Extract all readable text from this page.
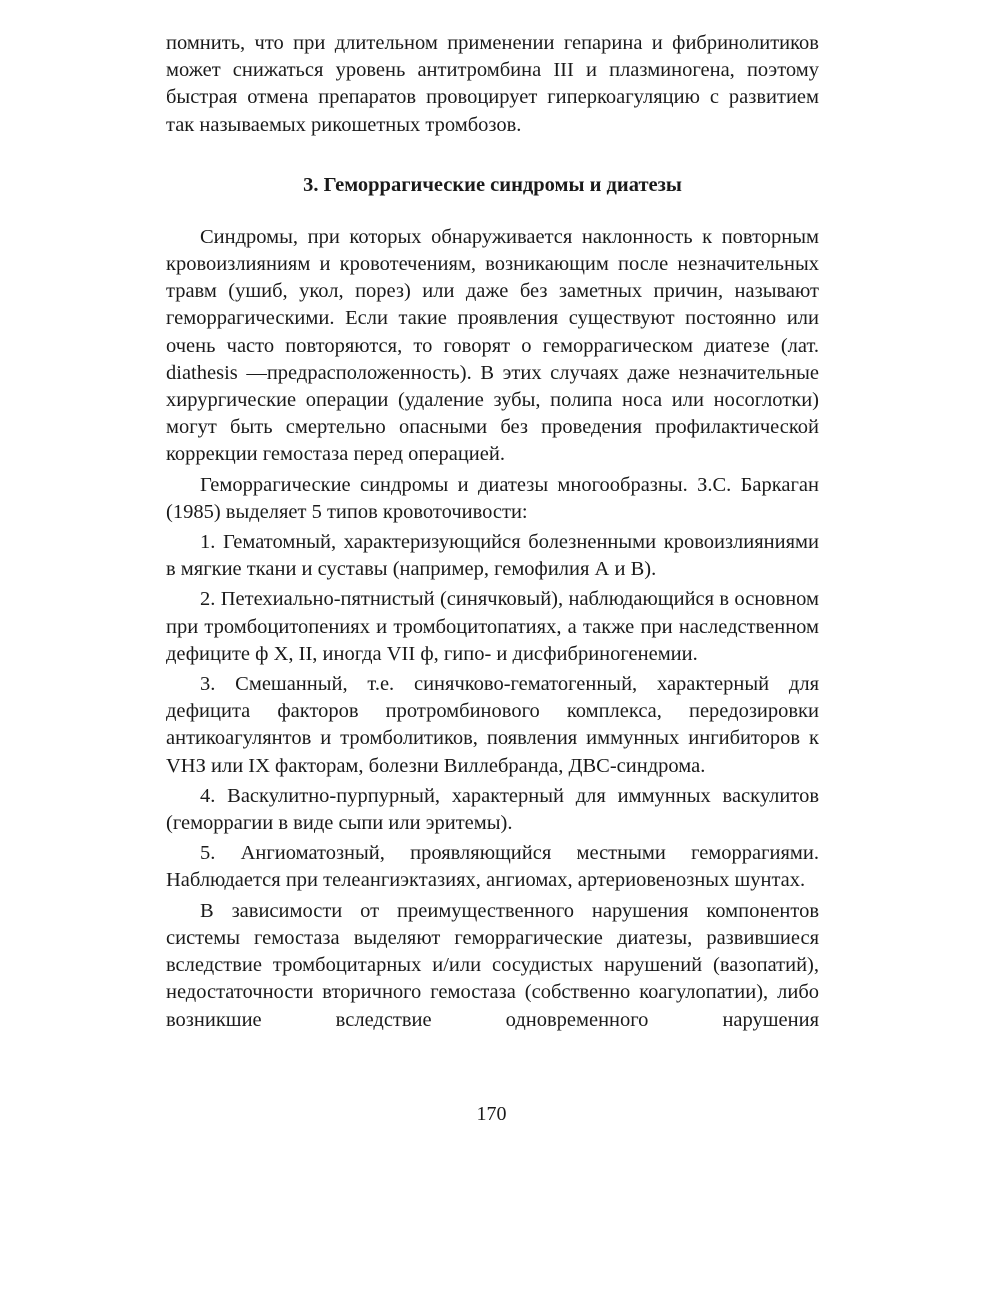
помнить, что при длительном применении гепарина и фибринолитиков может снижаться уровень антитромбина III и плазминогена, поэтому быстрая отмена препаратов провоцирует гиперкоагуляцию с развитием так называемых рикошетных тромбозов.

3. Геморрагические синдромы и диатезы

Синдромы, при которых обнаруживается наклонность к повторным кровоизлияниям и кровотечениям, возникающим после незначительных травм (ушиб, укол, порез) или даже без заметных причин, называют геморрагическими. Если такие проявления существуют постоянно или очень часто повторяются, то говорят о геморрагическом диатезе (лат. diathesis —предрасположенность). В этих случаях даже незначительные хирургические операции (удаление зубы, полипа носа или носоглотки) могут быть смертельно опасными без проведения профилактической коррекции гемостаза перед операцией.

Геморрагические синдромы и диатезы многообразны. З.С. Баркаган (1985) выделяет 5 типов кровоточивости:

1. Гематомный, характеризующийся болезненными кровоизлияниями в мягкие ткани и суставы (например, гемофилия А и В).

2. Петехиально-пятнистый (синячковый), наблюдающийся в основном при тромбоцитопениях и тромбоцитопатиях, а также при наследственном дефиците ф X, II, иногда VII ф, гипо- и дисфибриногенемии.

3. Смешанный, т.е. синячково-гематогенный, характерный для дефицита факторов протромбинового комплекса, передозировки антикоагулянтов и тромболитиков, появления иммунных ингибиторов к VНЗ или IX факторам, болезни Виллебранда, ДВС-синдрома.

4. Васкулитно-пурпурный, характерный для иммунных васкулитов (геморрагии в виде сыпи или эритемы).

5. Ангиоматозный, проявляющийся местными геморрагиями. Наблюдается при телеангиэктазиях, ангиомах, артериовенозных шунтах.

В зависимости от преимущественного нарушения компонентов системы гемостаза выделяют геморрагические диатезы, развившиеся вследствие тромбоцитарных и/или сосудистых нарушений (вазопатий), недостаточности вторичного гемостаза (собственно коагулопатии), либо возникшие вследствие одновременного нарушения

170
